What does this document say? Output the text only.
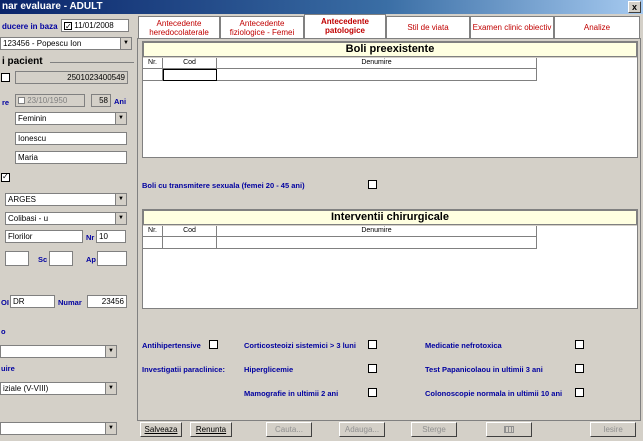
nar evaluare - ADULT	x
ducere in baza
✓	11/01/2008
123456 - Popescu Ion	▼
i pacient
2501023400549
re	23/10/1950	58 Ani
Feminin	▼
Ionescu
Maria
✓
ARGES	▼
Colibasi - u	▼
Florilor	Nr 10
Sc	Ap
OI DR	Numar	23456
o
▼
uire
iziale (V-VIII)	▼
▼
Antecedente heredocolaterale
Antecedente fiziologice - Femei
Antecedente patologice	Stil de viata	Examen clinic obiectiv	Analize
Boli preexistente
Nr.	Cod	Denumire
Boli cu transmitere sexuala (femei 20 - 45 ani)
Interventii chirurgicale
Nr.	Cod	Denumire
Antihipertensive	Corticosteoizi sistemici > 3 luni	Medicatie nefrotoxica
Investigatii paraclinice:	Hiperglicemie	Test Papanicolaou in ultimii 3 ani
Mamografie in ultimii 2 ani	Colonoscopie normala in ultimii 10 ani
Salveaza	Renunta	Cauta...	Adauga...	Sterge	Iesire
